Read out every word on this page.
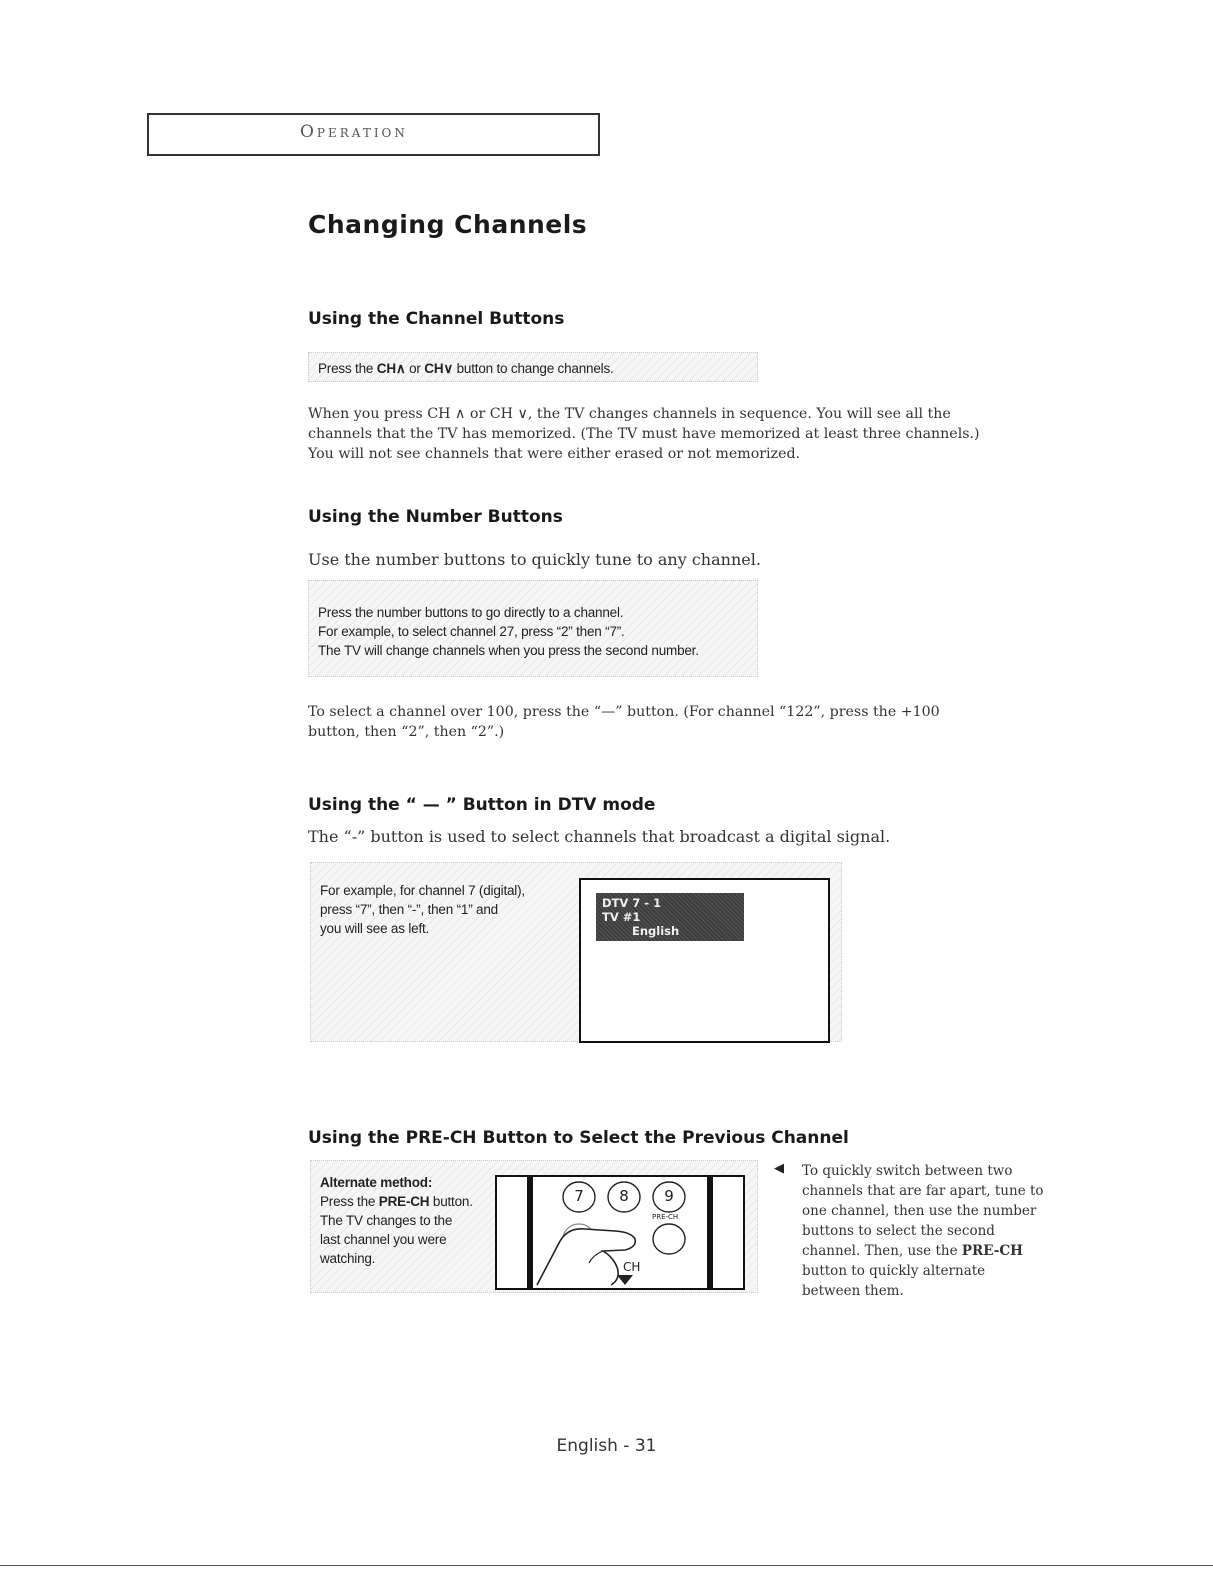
Operation
Changing Channels
Using the Channel Buttons
Press the CH∧ or CH∨ button to change channels.
When you press CH ∧ or CH ∨, the TV changes channels in sequence. You will see all the
channels that the TV has memorized. (The TV must have memorized at least three channels.)
You will not see channels that were either erased or not memorized.
Using the Number Buttons
Use the number buttons to quickly tune to any channel.
Press the number buttons to go directly to a channel.
For example, to select channel 27, press “2” then “7”.
The TV will change channels when you press the second number.
To select a channel over 100, press the “—” button. (For channel “122”, press the +100
button, then “2”, then “2”.)
Using the “ — ” Button in DTV mode
The “-” button is used to select channels that broadcast a digital signal.
For example, for channel 7 (digital),
press “7”, then “-”, then “1” and
you will see as left.
DTV 7 - 1
TV #1
English
Using the PRE-CH Button to Select the Previous Channel
Alternate method:
Press the PRE-CH button.
The TV changes to the
last channel you were
watching.
7 8 9
PRE-CH
CH
◀ To quickly switch between two
channels that are far apart, tune to
one channel, then use the number
buttons to select the second
channel. Then, use the PRE-CH
button to quickly alternate
between them.
English - 31
